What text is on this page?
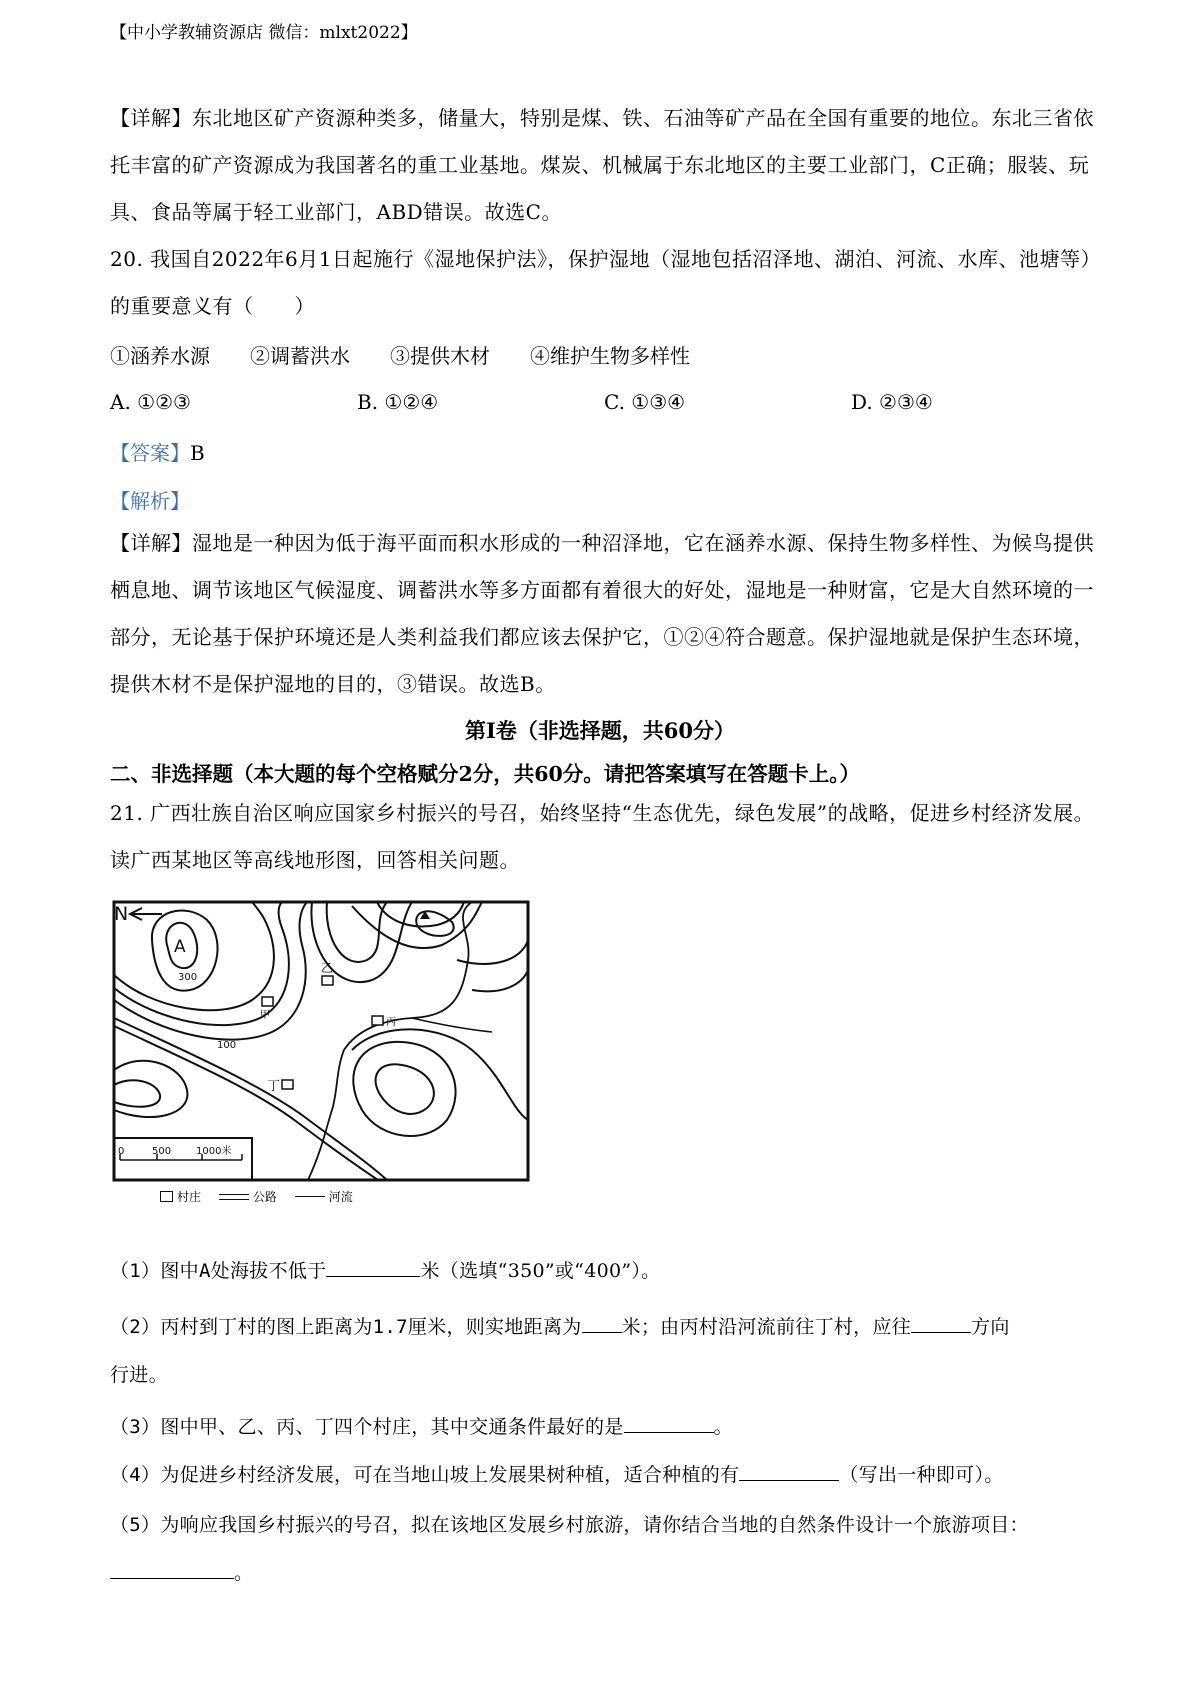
【中小学教辅资源店 微信：mlxt2022】
【详解】东北地区矿产资源种类多，储量大，特别是煤、铁、石油等矿产品在全国有重要的地位。东北三省依托丰富的矿产资源成为我国著名的重工业基地。煤炭、机械属于东北地区的主要工业部门，C正确；服装、玩具、食品等属于轻工业部门，ABD错误。故选C。
20. 我国自2022年6月1日起施行《湿地保护法》，保护湿地（湿地包括沼泽地、湖泊、河流、水库、池塘等）的重要意义有（　　）
①涵养水源　　②调蓄洪水　　③提供木材　　④维护生物多样性
A. ①②③	B. ①②④	C. ①③④	D. ②③④
【答案】B
【解析】
【详解】湿地是一种因为低于海平面而积水形成的一种沼泽地，它在涵养水源、保持生物多样性、为候鸟提供栖息地、调节该地区气候湿度、调蓄洪水等多方面都有着很大的好处，湿地是一种财富，它是大自然环境的一部分，无论基于保护环境还是人类利益我们都应该去保护它，①②④符合题意。保护湿地就是保护生态环境，提供木材不是保护湿地的目的，③错误。故选B。
第Ⅰ卷（非选择题，共60分）
二、非选择题（本大题的每个空格赋分2分，共60分。请把答案填写在答题卡上。）
21. 广西壮族自治区响应国家乡村振兴的号召，始终坚持“生态优先，绿色发展”的战略，促进乡村经济发展。读广西某地区等高线地形图，回答相关问题。
N
A
300
100
甲
乙
丙
丁
0	500 1000米
村庄	公路	河流
（1）图中A处海拔不低于	米（选填“350”或“400”）。
（2）丙村到丁村的图上距离为1.7厘米，则实地距离为 米；由丙村沿河流前往丁村，应往	方向
行进。
（3）图中甲、乙、丙、丁四个村庄，其中交通条件最好的是	。
（4）为促进乡村经济发展，可在当地山坡上发展果树种植，适合种植的有	（写出一种即可）。
（5）为响应我国乡村振兴的号召，拟在该地区发展乡村旅游，请你结合当地的自然条件设计一个旅游项目：
。
